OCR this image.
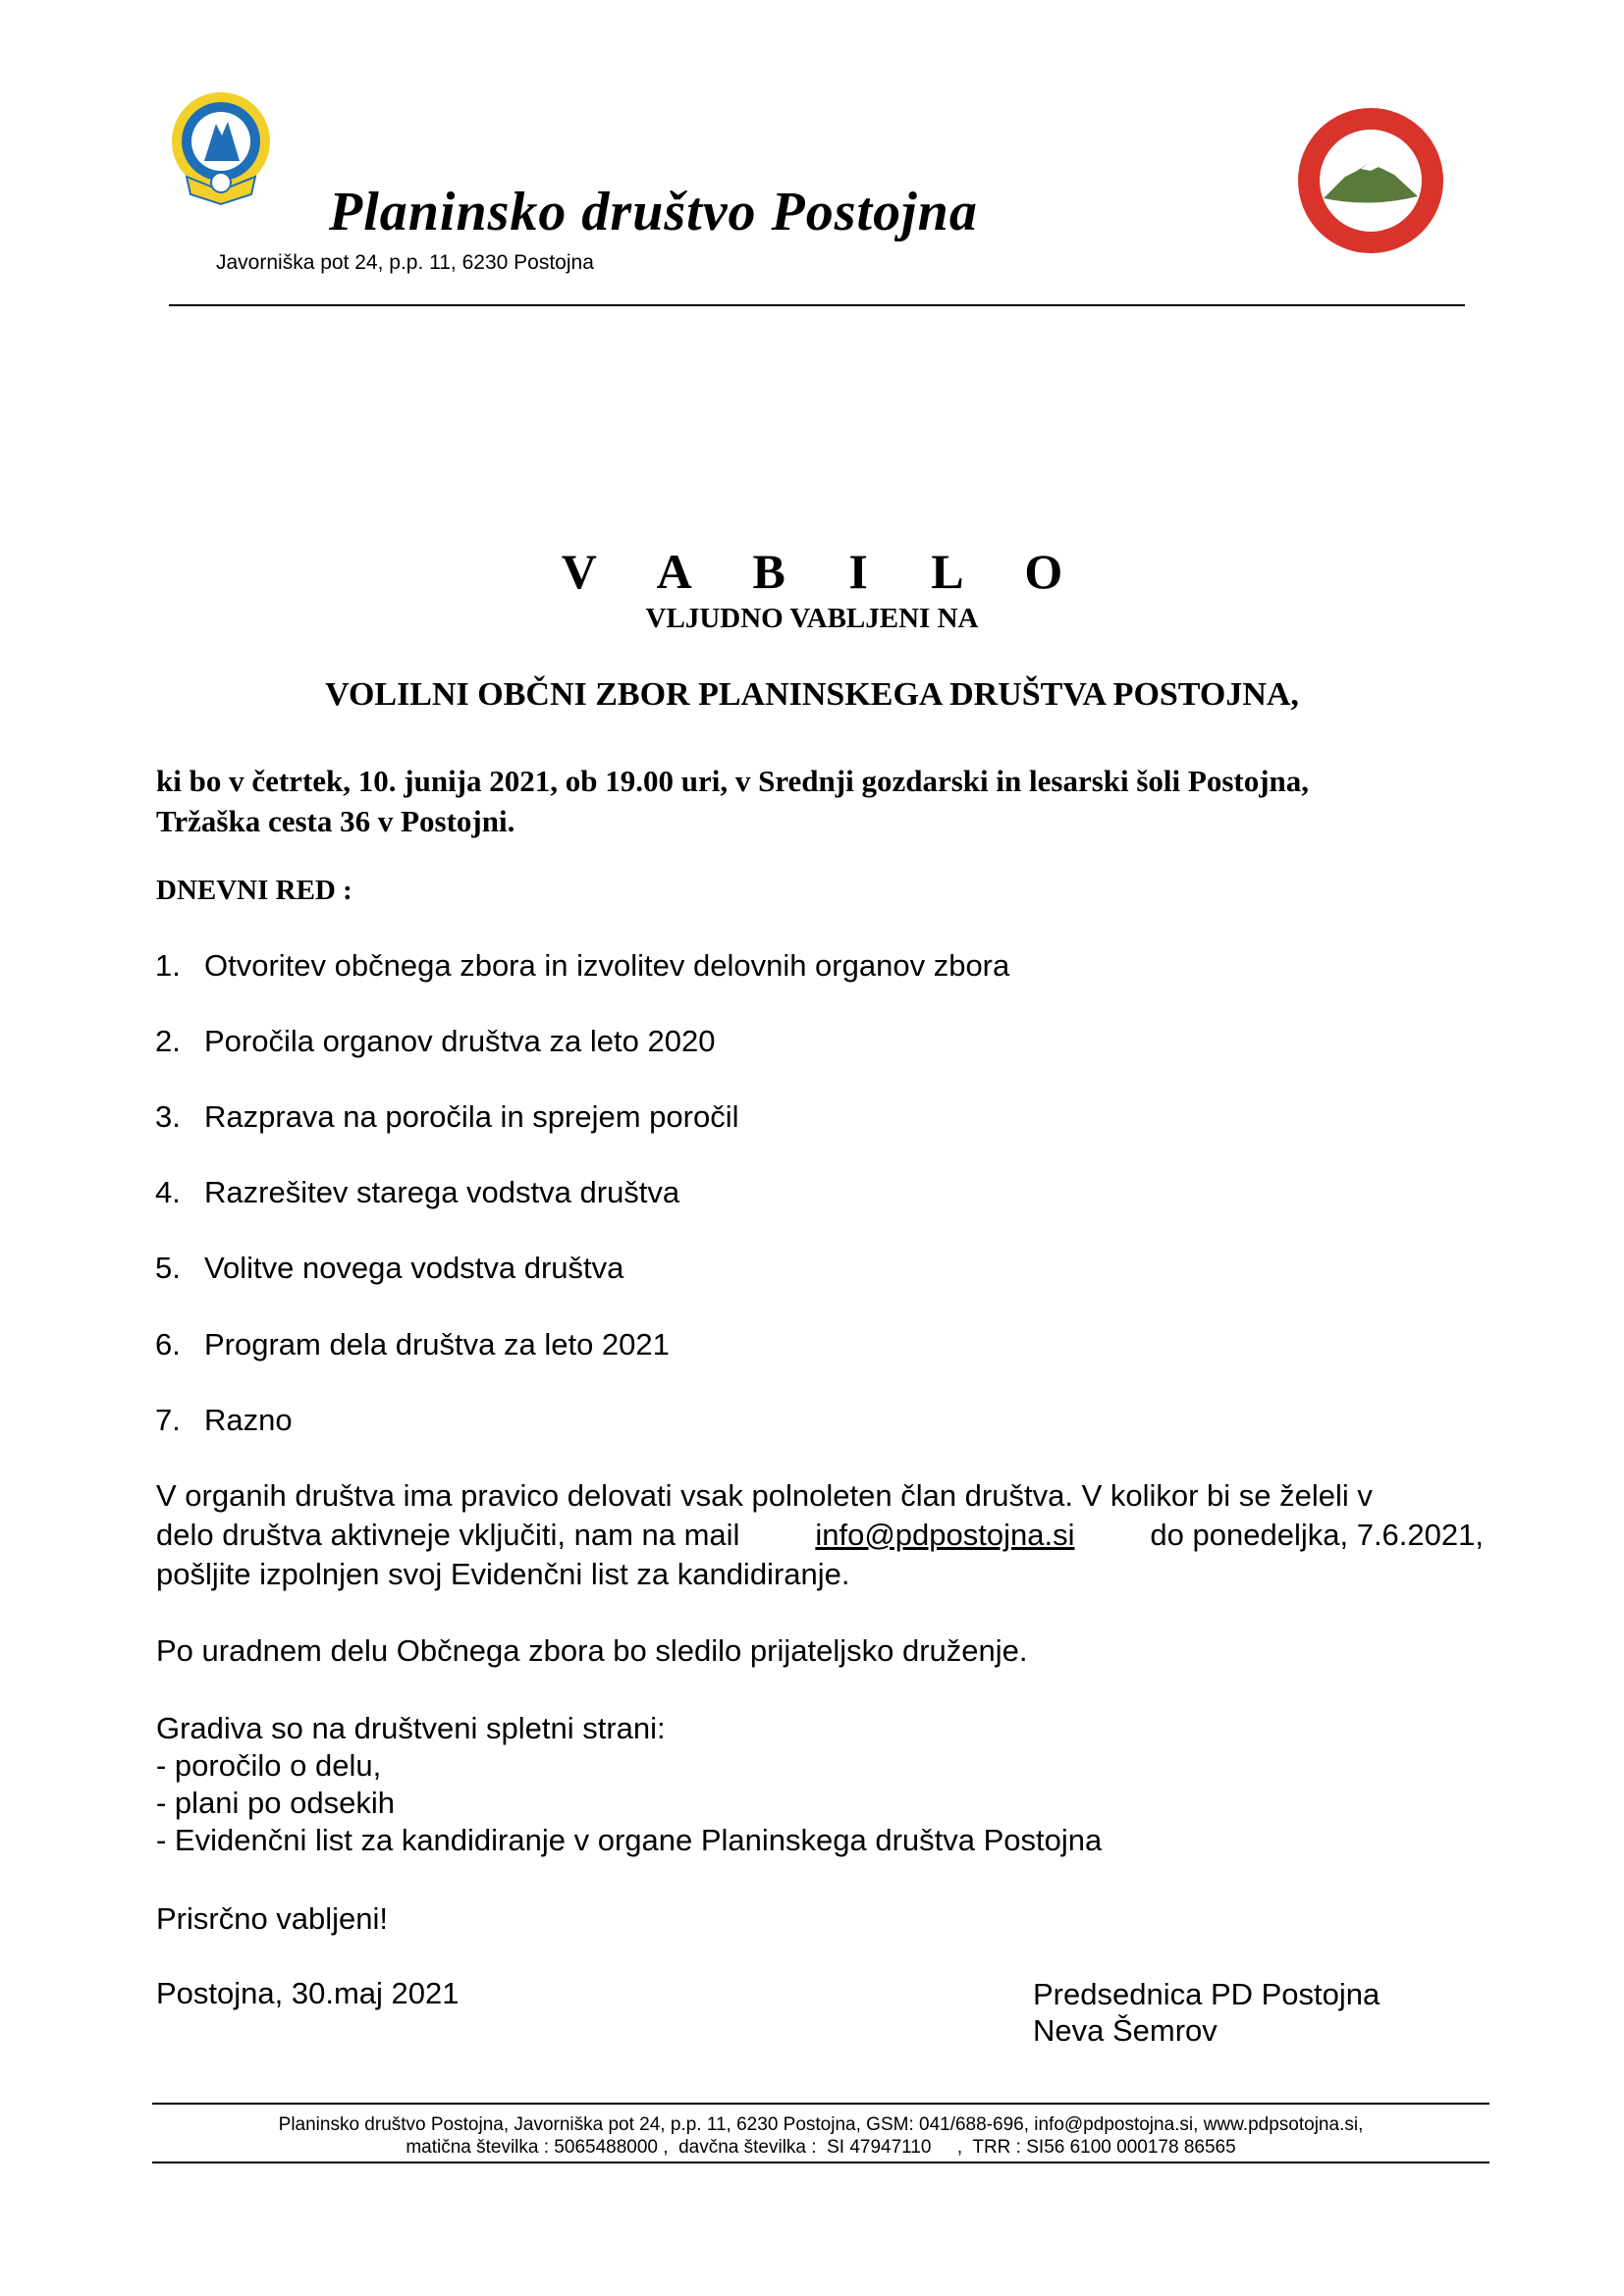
Planinsko društvo Postojna
Javorniška pot 24, p.p. 11, 6230 Postojna
V A B I L O
VLJUDNO VABLJENI NA
VOLILNI OBČNI ZBOR PLANINSKEGA DRUŠTVA POSTOJNA,
ki bo v četrtek, 10. junija 2021, ob 19.00 uri, v Srednji gozdarski in lesarski šoli Postojna,
Tržaška cesta 36 v Postojni.
DNEVNI RED :
1. Otvoritev občnega zbora in izvolitev delovnih organov zbora
2. Poročila organov društva za leto 2020
3. Razprava na poročila in sprejem poročil
4. Razrešitev starega vodstva društva
5. Volitve novega vodstva društva
6. Program dela društva za leto 2021
7. Razno
V organih društva ima pravico delovati vsak polnoleten član društva. V kolikor bi se želeli v
delo društva aktivneje vključiti, nam na mail info@pdpostojna.si do ponedeljka, 7.6.2021,
pošljite izpolnjen svoj Evidenčni list za kandidiranje.
Po uradnem delu Občnega zbora bo sledilo prijateljsko druženje.
Gradiva so na društveni spletni strani:
- poročilo o delu,
- plani po odsekih
- Evidenčni list za kandidiranje v organe Planinskega društva Postojna
Prisrčno vabljeni!
Postojna, 30.maj 2021	Predsednica PD Postojna
Neva Šemrov
Planinsko društvo Postojna, Javorniška pot 24, p.p. 11, 6230 Postojna, GSM: 041/688-696, info@pdpostojna.si, www.pdpsotojna.si,
matična številka : 5065488000 ,  davčna številka :  SI 47947110     ,  TRR : SI56 6100 000178 86565
